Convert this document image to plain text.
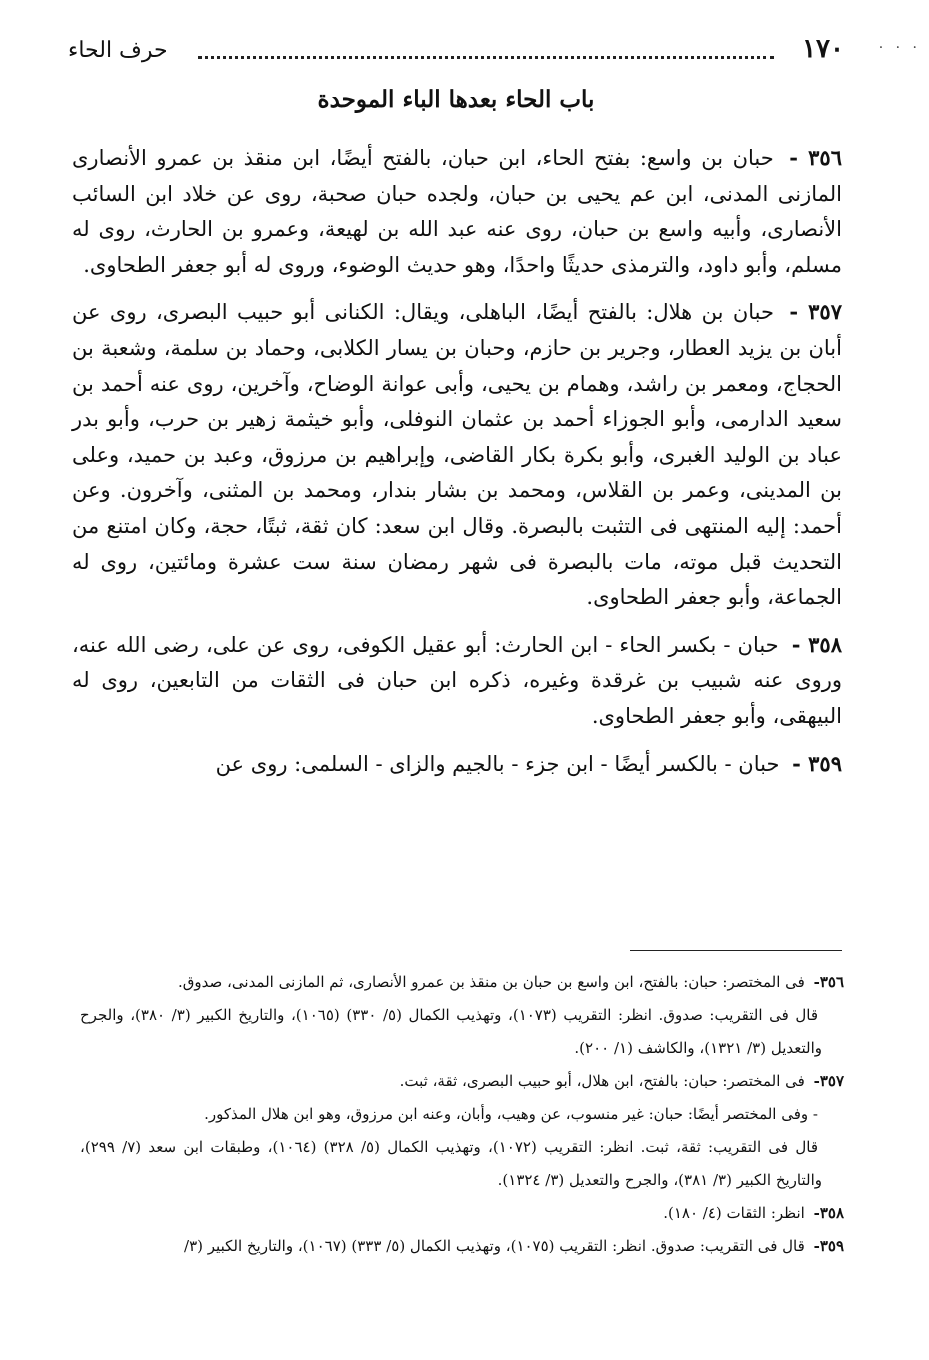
١٧٠
حرف الحاء	· · ·
باب الحاء بعدها الباء الموحدة

٣٥٦ - حبان بن واسع: بفتح الحاء، ابن حبان، بالفتح أيضًا، ابن منقذ بن عمرو الأنصارى المازنى المدنى، ابن عم يحيى بن حبان، ولجده حبان صحبة، روى عن خلاد ابن السائب الأنصارى، وأبيه واسع بن حبان، روى عنه عبد الله بن لهيعة، وعمرو بن الحارث، روى له مسلم، وأبو داود، والترمذى حديثًا واحدًا، وهو حديث الوضوء، وروى له أبو جعفر الطحاوى.

٣٥٧ - حبان بن هلال: بالفتح أيضًا، الباهلى، ويقال: الكنانى أبو حبيب البصرى، روى عن أبان بن يزيد العطار، وجرير بن حازم، وحبان بن يسار الكلابى، وحماد بن سلمة، وشعبة بن الحجاج، ومعمر بن راشد، وهمام بن يحيى، وأبى عوانة الوضاح، وآخرين، روى عنه أحمد بن سعيد الدارمى، وأبو الجوزاء أحمد بن عثمان النوفلى، وأبو خيثمة زهير بن حرب، وأبو بدر عباد بن الوليد الغبرى، وأبو بكرة بكار القاضى، وإبراهيم بن مرزوق، وعبد بن حميد، وعلى بن المدينى، وعمر بن القلاس، ومحمد بن بشار بندار، ومحمد بن المثنى، وآخرون. وعن أحمد: إليه المنتهى فى التثبت بالبصرة. وقال ابن سعد: كان ثقة، ثبتًا، حجة، وكان امتنع من التحديث قبل موته، مات بالبصرة فى شهر رمضان سنة ست عشرة ومائتين، روى له الجماعة، وأبو جعفر الطحاوى.

٣٥٨ - حبان - بكسر الحاء - ابن الحارث: أبو عقيل الكوفى، روى عن على، رضى الله عنه، وروى عنه شبيب بن غرقدة وغيره، ذكره ابن حبان فى الثقات من التابعين، روى له البيهقى، وأبو جعفر الطحاوى.

٣٥٩ - حبان - بالكسر أيضًا - ابن جزء - بالجيم والزاى - السلمى: روى عن

٣٥٦- فى المختصر: حبان: بالفتح، ابن واسع بن حبان بن منقذ بن عمرو الأنصارى، ثم المازنى المدنى، صدوق.

قال فى التقريب: صدوق. انظر: التقريب (١٠٧٣)، وتهذيب الكمال (٥/ ٣٣٠) (١٠٦٥)، والتاريخ الكبير (٣/ ٣٨٠)، والجرح والتعديل (٣/ ١٣٢١)، والكاشف (١/ ٢٠٠).

٣٥٧- فى المختصر: حبان: بالفتح، ابن هلال، أبو حبيب البصرى، ثقة، ثبت.

- وفى المختصر أيضًا: حبان: غير منسوب، عن وهيب، وأبان، وعنه ابن مرزوق، وهو ابن هلال المذكور.

قال فى التقريب: ثقة، ثبت. انظر: التقريب (١٠٧٢)، وتهذيب الكمال (٥/ ٣٢٨) (١٠٦٤)، وطبقات ابن سعد (٧/ ٢٩٩)، والتاريخ الكبير (٣/ ٣٨١)، والجرح والتعديل (٣/ ١٣٢٤).

٣٥٨- انظر: الثقات (٤/ ١٨٠).

٣٥٩- قال فى التقريب: صدوق. انظر: التقريب (١٠٧٥)، وتهذيب الكمال (٥/ ٣٣٣) (١٠٦٧)، والتاريخ الكبير (٣/
